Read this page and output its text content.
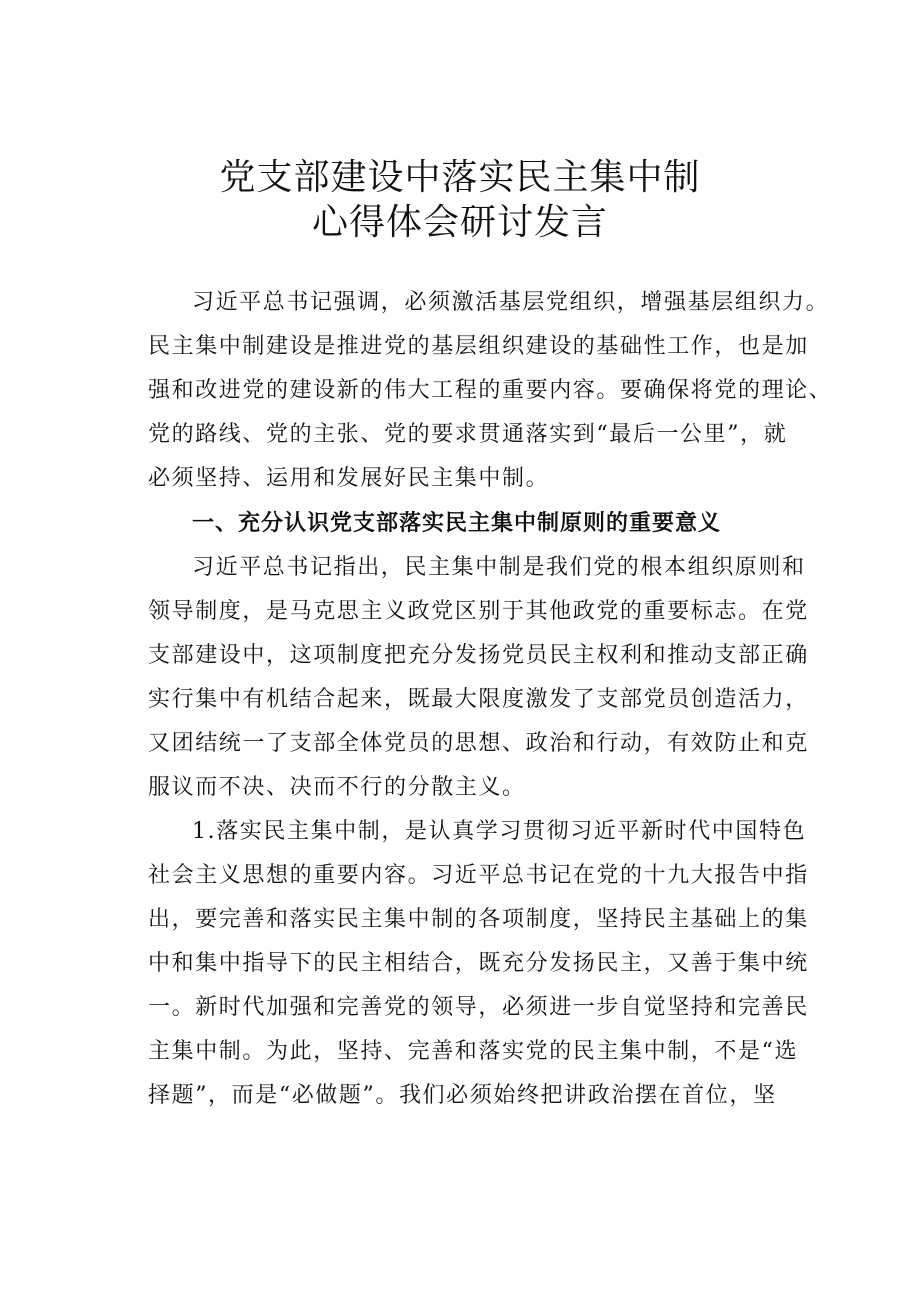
党支部建设中落实民主集中制
心得体会研讨发言
习近平总书记强调，必须激活基层党组织，增强基层组织力。
民主集中制建设是推进党的基层组织建设的基础性工作，也是加
强和改进党的建设新的伟大工程的重要内容。要确保将党的理论、
党的路线、党的主张、党的要求贯通落实到“最后一公里”，就
必须坚持、运用和发展好民主集中制。
一、充分认识党支部落实民主集中制原则的重要意义
习近平总书记指出，民主集中制是我们党的根本组织原则和
领导制度，是马克思主义政党区别于其他政党的重要标志。在党
支部建设中，这项制度把充分发扬党员民主权利和推动支部正确
实行集中有机结合起来，既最大限度激发了支部党员创造活力，
又团结统一了支部全体党员的思想、政治和行动，有效防止和克
服议而不决、决而不行的分散主义。
1.落实民主集中制，是认真学习贯彻习近平新时代中国特色
社会主义思想的重要内容。习近平总书记在党的十九大报告中指
出，要完善和落实民主集中制的各项制度，坚持民主基础上的集
中和集中指导下的民主相结合，既充分发扬民主，又善于集中统
一。新时代加强和完善党的领导，必须进一步自觉坚持和完善民
主集中制。为此，坚持、完善和落实党的民主集中制，不是“选
择题”，而是“必做题”。我们必须始终把讲政治摆在首位，坚
